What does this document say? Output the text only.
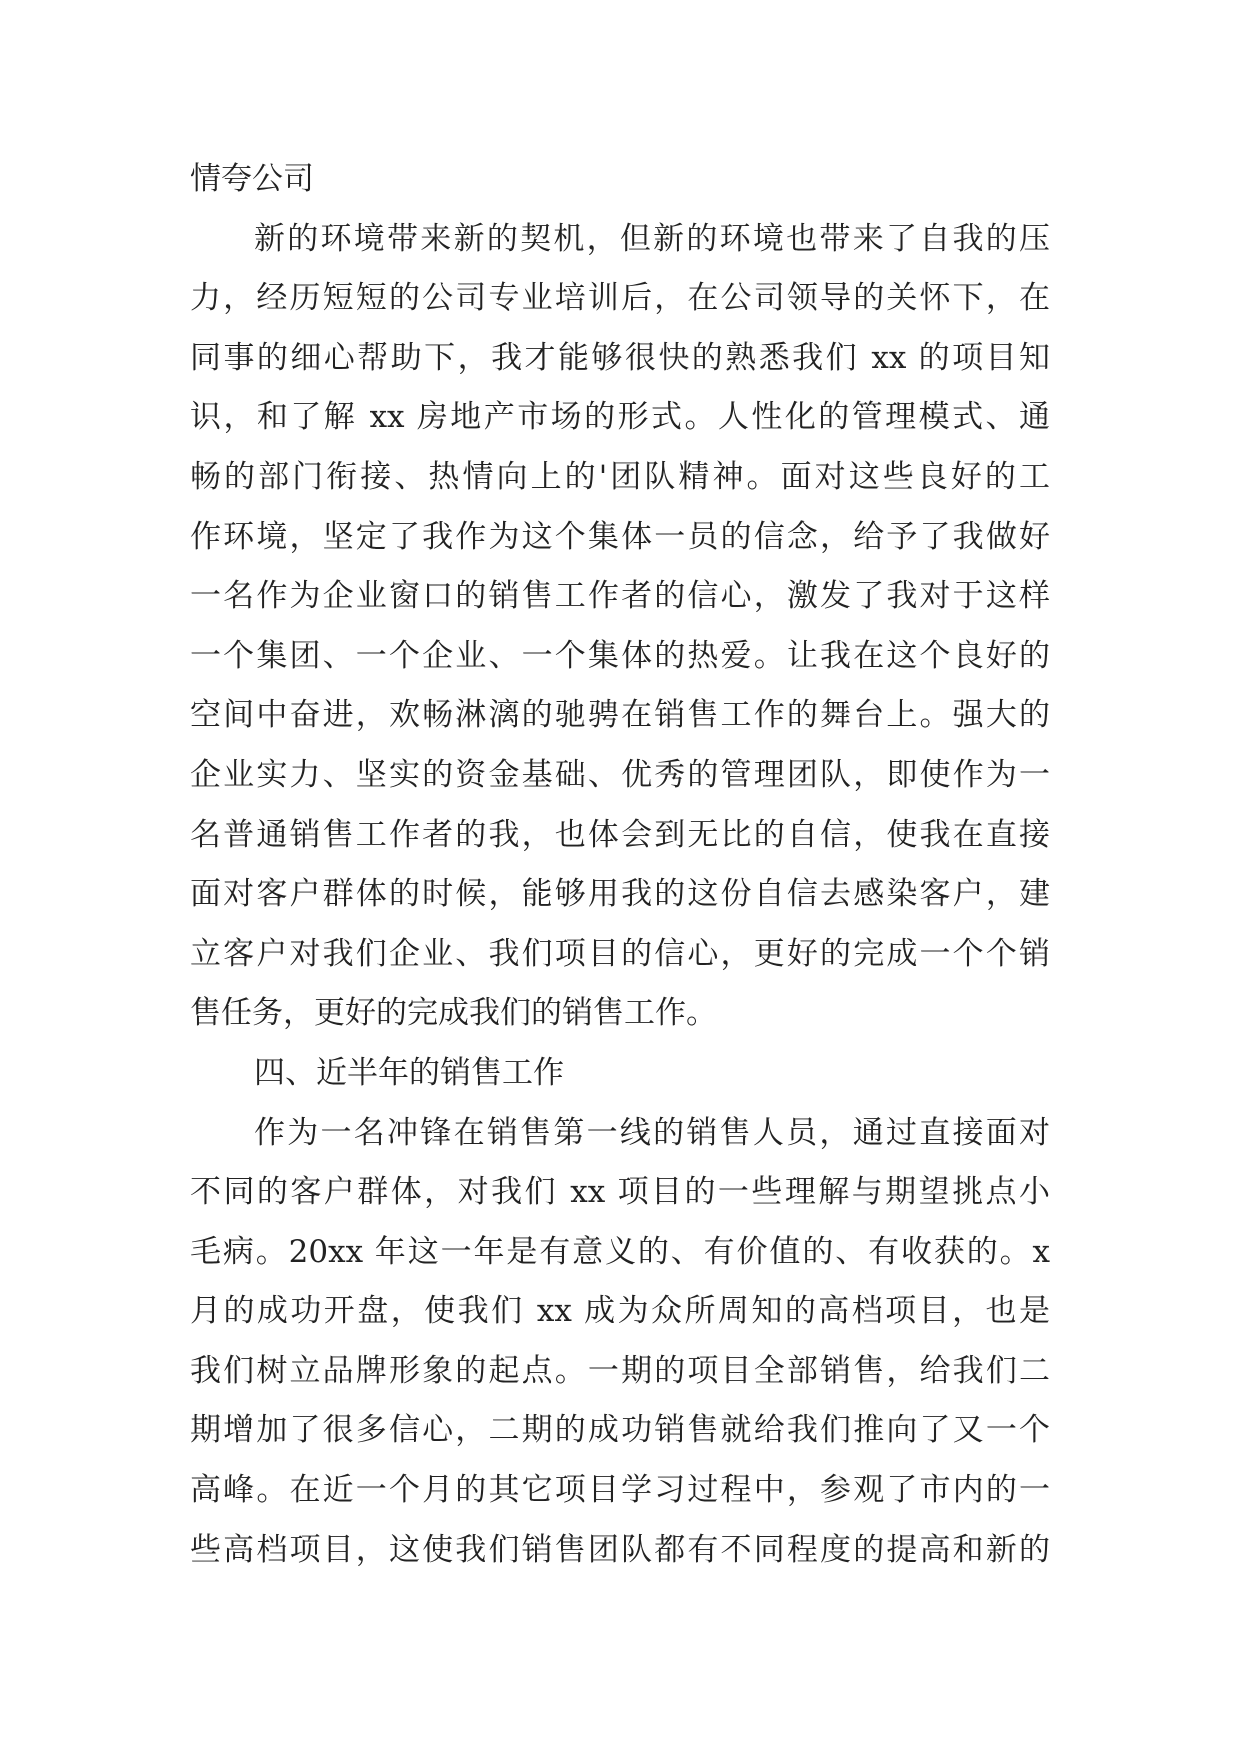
情夸公司
新的环境带来新的契机，但新的环境也带来了自我的压
力，经历短短的公司专业培训后，在公司领导的关怀下，在
同事的细心帮助下，我才能够很快的熟悉我们 xx 的项目知
识，和了解 xx 房地产市场的形式。人性化的管理模式、通
畅的部门衔接、热情向上的'团队精神。面对这些良好的工
作环境，坚定了我作为这个集体一员的信念，给予了我做好
一名作为企业窗口的销售工作者的信心，激发了我对于这样
一个集团、一个企业、一个集体的热爱。让我在这个良好的
空间中奋进，欢畅淋漓的驰骋在销售工作的舞台上。强大的
企业实力、坚实的资金基础、优秀的管理团队，即使作为一
名普通销售工作者的我，也体会到无比的自信，使我在直接
面对客户群体的时候，能够用我的这份自信去感染客户，建
立客户对我们企业、我们项目的信心，更好的完成一个个销
售任务，更好的完成我们的销售工作。
四、近半年的销售工作
作为一名冲锋在销售第一线的销售人员，通过直接面对
不同的客户群体，对我们 xx 项目的一些理解与期望挑点小
毛病。20xx 年这一年是有意义的、有价值的、有收获的。x
月的成功开盘，使我们 xx 成为众所周知的高档项目，也是
我们树立品牌形象的起点。一期的项目全部销售，给我们二
期增加了很多信心，二期的成功销售就给我们推向了又一个
高峰。在近一个月的其它项目学习过程中，参观了市内的一
些高档项目，这使我们销售团队都有不同程度的提高和新的
